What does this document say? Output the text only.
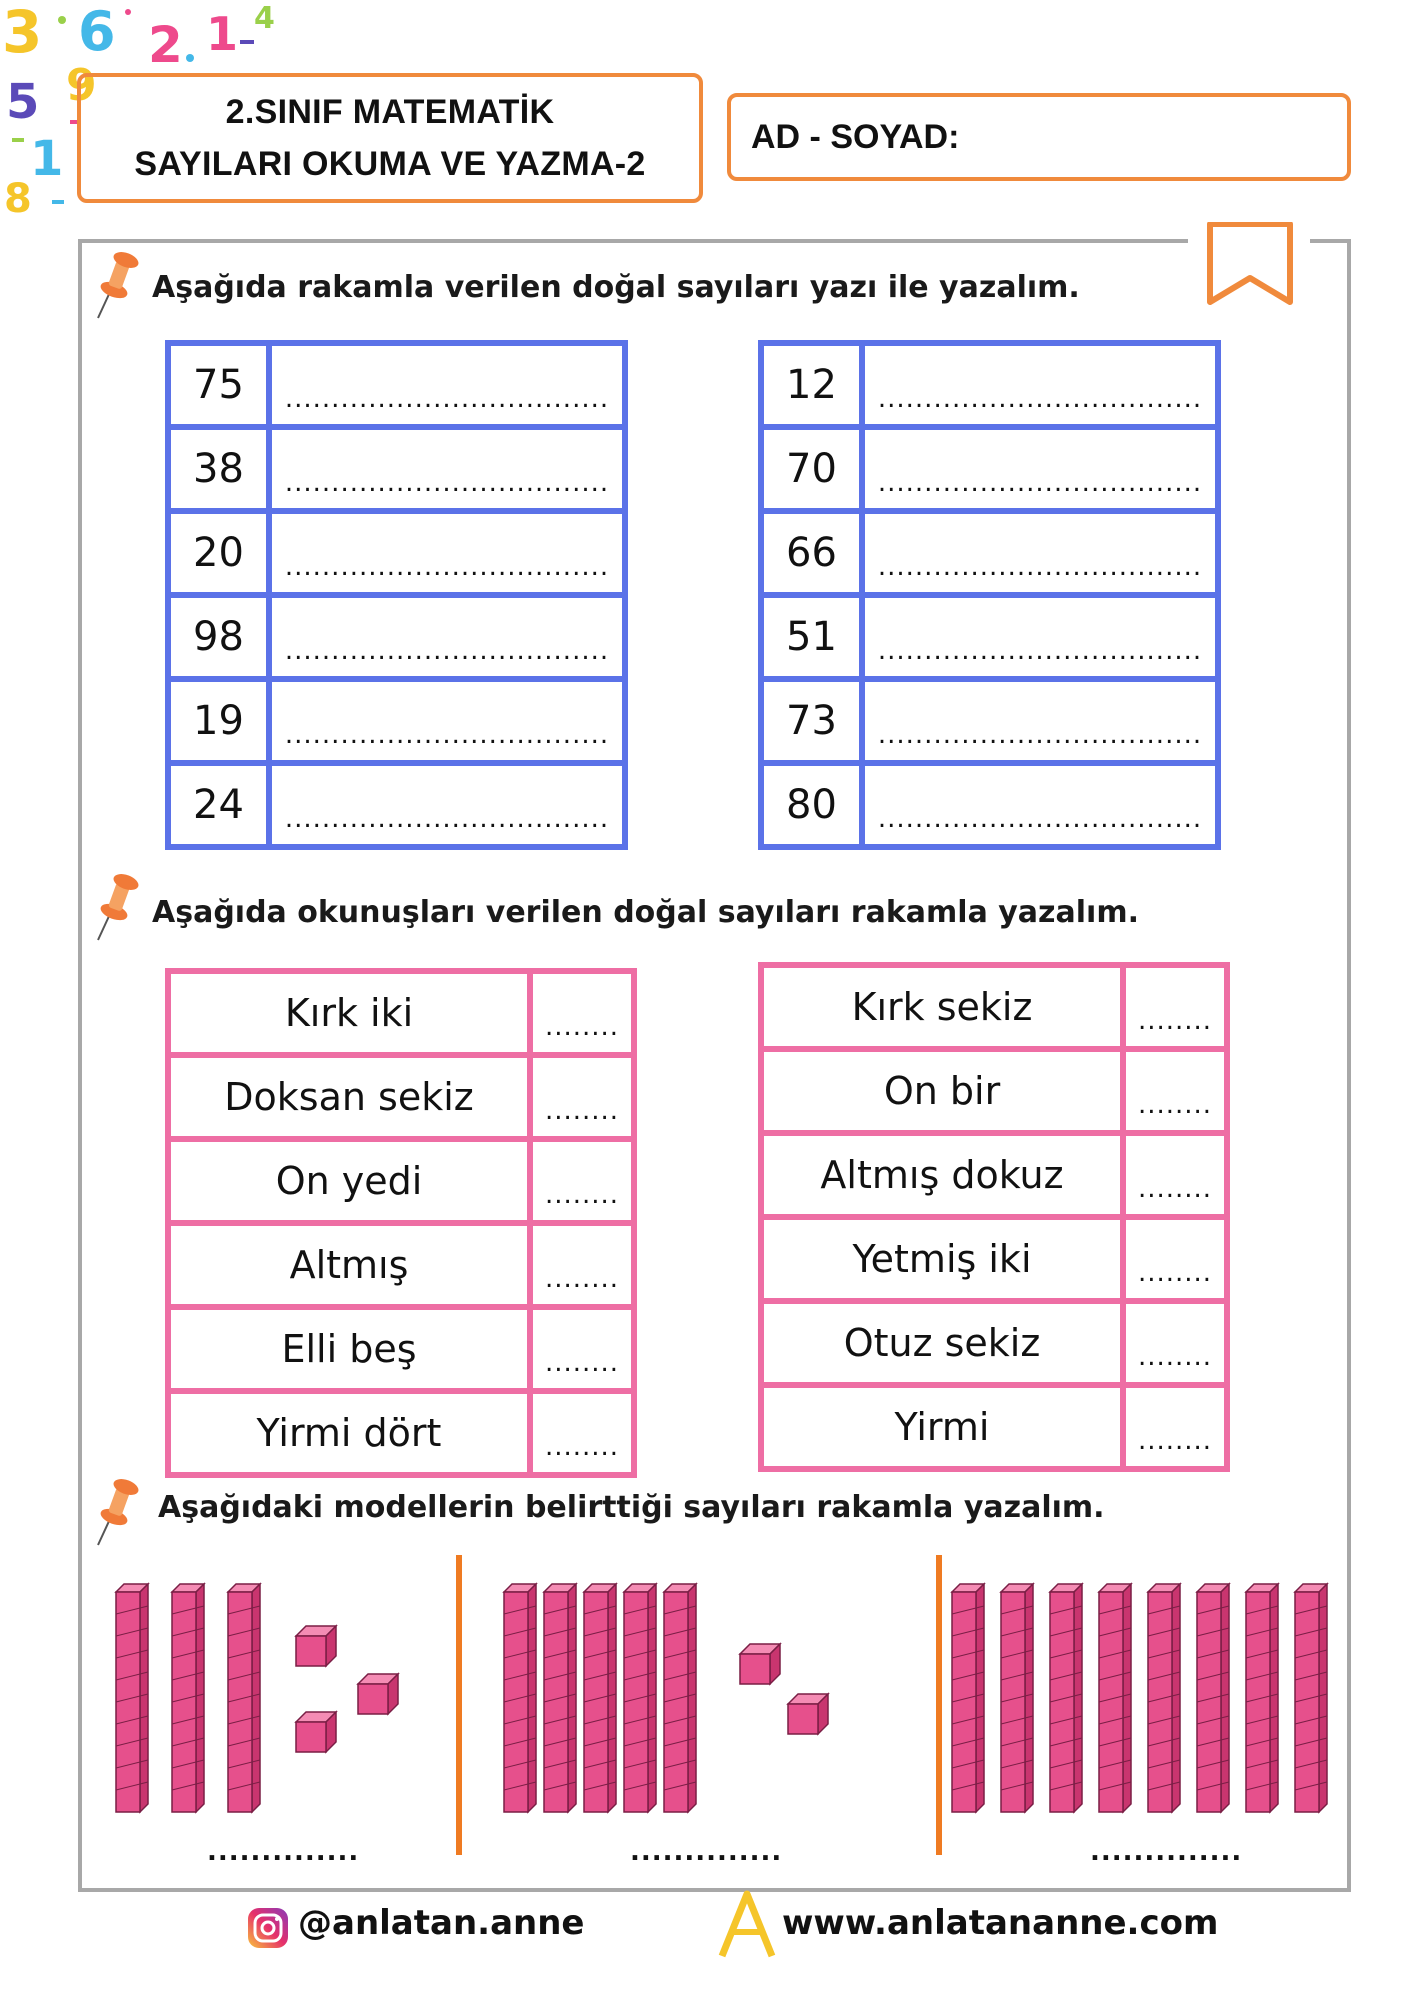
3 6 2 1 4
5 9
1
8
2.SINIF MATEMATİK
SAYILARI OKUMA VE YAZMA-2
AD - SOYAD:
Aşağıda rakamla verilen doğal sayıları yazı ile yazalım.
75	...................................
38	...................................
20	...................................
98	...................................
19	...................................
24	...................................
12	...................................
70	...................................
66	...................................
51	...................................
73	...................................
80	...................................
Aşağıda okunuşları verilen doğal sayıları rakamla yazalım.
Kırk iki	........
Doksan sekiz	........
On yedi	........
Altmış	........
Elli beş	........
Yirmi dört	........
Kırk sekiz	........
On bir	........
Altmış dokuz	........
Yetmiş iki	........
Otuz sekiz	........
Yirmi	........
Aşağıdaki modellerin belirttiği sayıları rakamla yazalım.
..............	..............	..............
@anlatan.anne	www.anlatananne.com
